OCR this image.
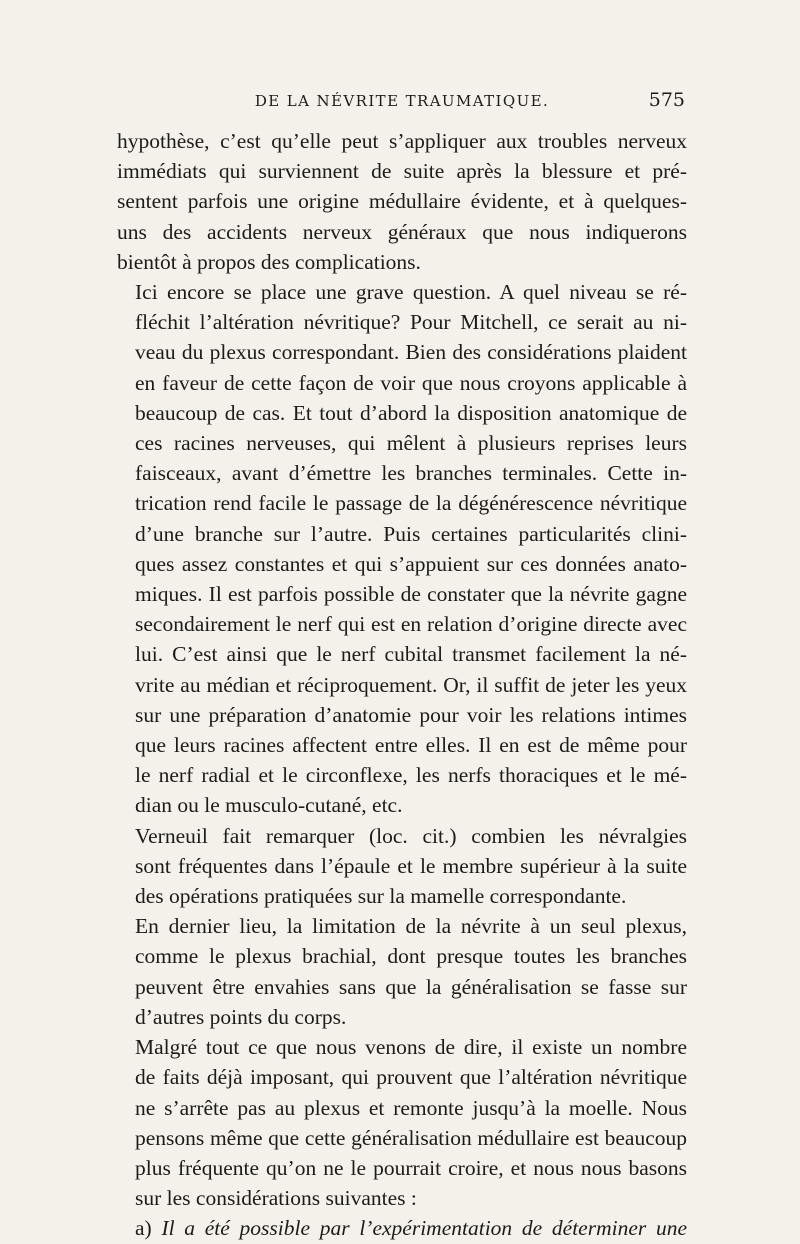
DE LA NÉVRITE TRAUMATIQUE.	575

hypothèse, c’est qu’elle peut s’appliquer aux troubles nerveux
immédiats qui surviennent de suite après la blessure et pré-
sentent parfois une origine médullaire évidente, et à quelques-
uns des accidents nerveux généraux que nous indiquerons
bientôt à propos des complications.

Ici encore se place une grave question. A quel niveau se ré-
fléchit l’altération névritique? Pour Mitchell, ce serait au ni-
veau du plexus correspondant. Bien des considérations plaident
en faveur de cette façon de voir que nous croyons applicable à
beaucoup de cas. Et tout d’abord la disposition anatomique de
ces racines nerveuses, qui mêlent à plusieurs reprises leurs
faisceaux, avant d’émettre les branches terminales. Cette in-
trication rend facile le passage de la dégénérescence névritique
d’une branche sur l’autre. Puis certaines particularités clini-
ques assez constantes et qui s’appuient sur ces données anato-
miques. Il est parfois possible de constater que la névrite gagne
secondairement le nerf qui est en relation d’origine directe avec
lui. C’est ainsi que le nerf cubital transmet facilement la né-
vrite au médian et réciproquement. Or, il suffit de jeter les yeux
sur une préparation d’anatomie pour voir les relations intimes
que leurs racines affectent entre elles. Il en est de même pour
le nerf radial et le circonflexe, les nerfs thoraciques et le mé-
dian ou le musculo-cutané, etc.

Verneuil fait remarquer (loc. cit.) combien les névralgies
sont fréquentes dans l’épaule et le membre supérieur à la suite
des opérations pratiquées sur la mamelle correspondante.

En dernier lieu, la limitation de la névrite à un seul plexus,
comme le plexus brachial, dont presque toutes les branches
peuvent être envahies sans que la généralisation se fasse sur
d’autres points du corps.

Malgré tout ce que nous venons de dire, il existe un nombre
de faits déjà imposant, qui prouvent que l’altération névritique
ne s’arrête pas au plexus et remonte jusqu’à la moelle. Nous
pensons même que cette généralisation médullaire est beaucoup
plus fréquente qu’on ne le pourrait croire, et nous nous basons
sur les considérations suivantes :

a) Il a été possible par l’expérimentation de déterminer une
